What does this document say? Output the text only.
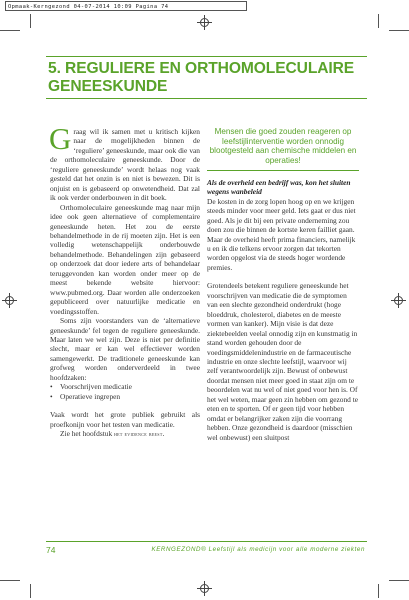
Opmaak-Kerngezond 04-07-2014 10:09 Pagina 74
5. REGULIERE EN ORTHOMOLECULAIRE
GENEESKUNDE

Graag wil ik samen met u kritisch kijken naar de mogelijkheden binnen de ‘reguliere’ geneeskunde, maar ook die van de orthomoleculaire geneeskunde. Door de ‘reguliere geneeskunde’ wordt helaas nog vaak gesteld dat het onzin is en niet is bewezen. Dit is onjuist en is gebaseerd op onwetendheid. Dat zal ik ook verder onderbouwen in dit boek.

Orthomoleculaire geneeskunde mag naar mijn idee ook geen alternatieve of complementaire geneeskunde heten. Het zou de eerste behandelmethode in de rij moeten zijn. Het is een volledig wetenschappelijk onderbouwde behandelmethode. Behandelingen zijn gebaseerd op onderzoek dat door iedere arts of behandelaar teruggevonden kan worden onder meer op de meest bekende website hiervoor: www.pubmed.org. Daar worden alle onderzoeken gepubliceerd over natuurlijke medicatie en voedingsstoffen.

Soms zijn voorstanders van de ‘alternatieve geneeskunde’ fel tegen de reguliere geneeskunde. Maar laten we wel zijn. Deze is niet per definitie slecht, maar er kan wel effectiever worden samengewerkt. De traditionele geneeskunde kan grofweg worden onderverdeeld in twee hoofdzaken:

• Voorschrijven medicatie
• Operatieve ingrepen

Vaak wordt het grote publiek gebruikt als proefkonijn voor het testen van medicatie.

Zie het hoofdstuk het evidence beest.

Mensen die goed zouden reageren op leefstijlinterventie worden onnodig blootgesteld aan chemische middelen en operaties!

Als de overheid een bedrijf was, kon het sluiten wegens wanbeleid

De kosten in de zorg lopen hoog op en we krijgen steeds minder voor meer geld. Iets gaat er dus niet goed. Als je dit bij een private onderneming zou doen zou die binnen de kortste keren failliet gaan. Maar de overheid heeft prima financiers, namelijk u en ik die telkens ervoor zorgen dat tekorten worden opgelost via de steeds hoger wordende premies.

Grotendeels betekent reguliere geneeskunde het voorschrijven van medicatie die de symptomen van een slechte gezondheid onderdrukt (hoge bloeddruk, cholesterol, diabetes en de meeste vormen van kanker). Mijn visie is dat deze ziektebeelden veelal onnodig zijn en kunstmatig in stand worden gehouden door de voedingsmiddelenindustrie en de farmaceutische industrie en onze slechte leefstijl, waarvoor wij zelf verantwoordelijk zijn. Bewust of onbewust doordat mensen niet meer goed in staat zijn om te beoordelen wat nu wel of niet goed voor hen is. Of het wel weten, maar geen zin hebben om gezond te eten en te sporten. Of er geen tijd voor hebben omdat er belangrijker zaken zijn die voorrang hebben. Onze gezondheid is daardoor (misschien wel onbewust) een sluitpost

74	KERNGEZOND® Leefstijl als medicijn voor alle moderne ziekten
